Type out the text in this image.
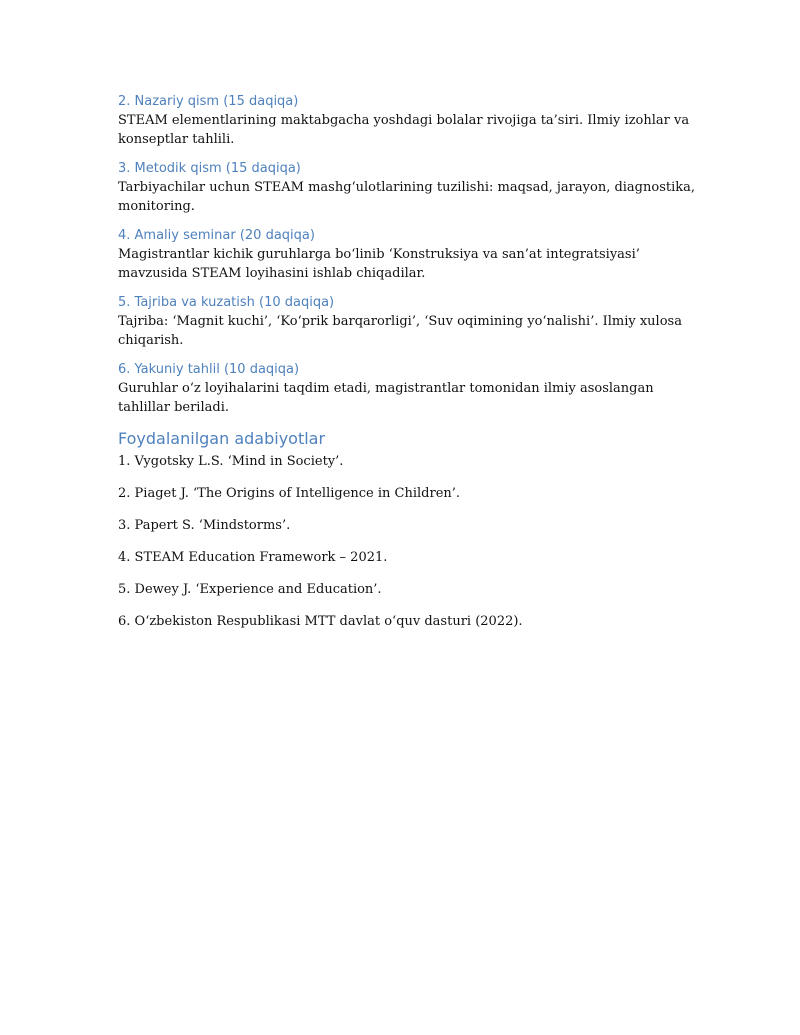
2. Nazariy qism (15 daqiqa)

STEAM elementlarining maktabgacha yoshdagi bolalar rivojiga ta’siri. Ilmiy izohlar va konseptlar tahlili.

3. Metodik qism (15 daqiqa)

Tarbiyachilar uchun STEAM mashg‘ulotlarining tuzilishi: maqsad, jarayon, diagnostika, monitoring.

4. Amaliy seminar (20 daqiqa)

Magistrantlar kichik guruhlarga bo‘linib ‘Konstruksiya va san’at integratsiyasi’ mavzusida STEAM loyihasini ishlab chiqadilar.

5. Tajriba va kuzatish (10 daqiqa)

Tajriba: ‘Magnit kuchi’, ‘Ko‘prik barqarorligi’, ‘Suv oqimining yo‘nalishi’. Ilmiy xulosa chiqarish.

6. Yakuniy tahlil (10 daqiqa)

Guruhlar o‘z loyihalarini taqdim etadi, magistrantlar tomonidan ilmiy asoslangan tahlillar beriladi.

Foydalanilgan adabiyotlar

1. Vygotsky L.S. ‘Mind in Society’.

2. Piaget J. ‘The Origins of Intelligence in Children’.

3. Papert S. ‘Mindstorms’.

4. STEAM Education Framework – 2021.

5. Dewey J. ‘Experience and Education’.

6. O‘zbekiston Respublikasi MTT davlat o‘quv dasturi (2022).
